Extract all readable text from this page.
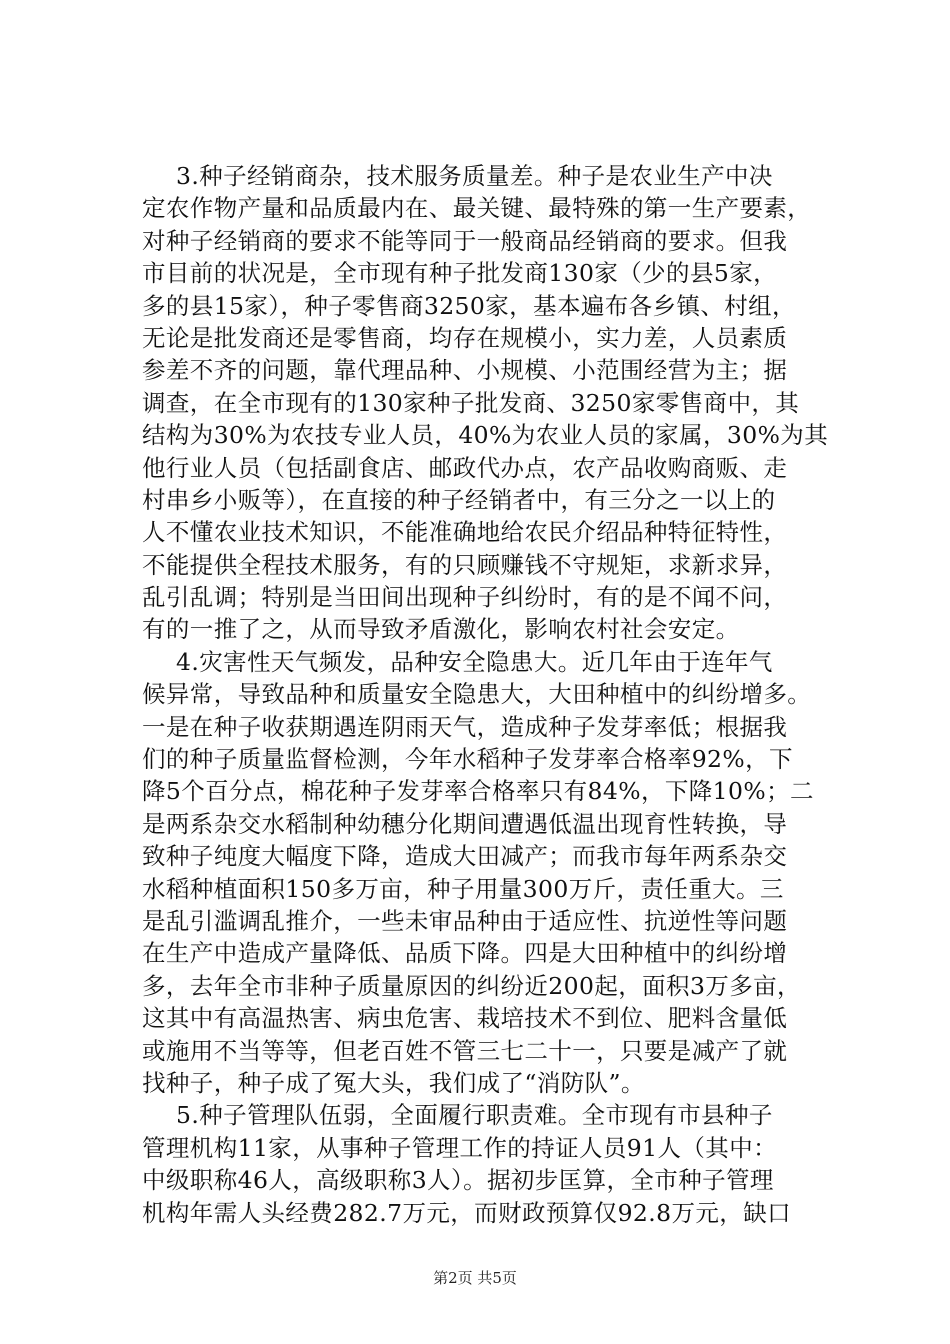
3.种子经销商杂，技术服务质量差。种子是农业生产中决
定农作物产量和品质最内在、最关键、最特殊的第一生产要素，
对种子经销商的要求不能等同于一般商品经销商的要求。但我
市目前的状况是，全市现有种子批发商130家（少的县5家，
多的县15家），种子零售商3250家，基本遍布各乡镇、村组，
无论是批发商还是零售商，均存在规模小，实力差，人员素质
参差不齐的问题，靠代理品种、小规模、小范围经营为主；据
调查，在全市现有的130家种子批发商、3250家零售商中，其
结构为30%为农技专业人员，40%为农业人员的家属，30%为其
他行业人员（包括副食店、邮政代办点，农产品收购商贩、走
村串乡小贩等），在直接的种子经销者中，有三分之一以上的
人不懂农业技术知识，不能准确地给农民介绍品种特征特性，
不能提供全程技术服务，有的只顾赚钱不守规矩，求新求异，
乱引乱调；特别是当田间出现种子纠纷时，有的是不闻不问，
有的一推了之，从而导致矛盾激化，影响农村社会安定。
4.灾害性天气频发，品种安全隐患大。近几年由于连年气
候异常，导致品种和质量安全隐患大，大田种植中的纠纷增多。
一是在种子收获期遇连阴雨天气，造成种子发芽率低；根据我
们的种子质量监督检测，今年水稻种子发芽率合格率92%，下
降5个百分点，棉花种子发芽率合格率只有84%，下降10%；二
是两系杂交水稻制种幼穗分化期间遭遇低温出现育性转换，导
致种子纯度大幅度下降，造成大田减产；而我市每年两系杂交
水稻种植面积150多万亩，种子用量300万斤，责任重大。三
是乱引滥调乱推介，一些未审品种由于适应性、抗逆性等问题
在生产中造成产量降低、品质下降。四是大田种植中的纠纷增
多，去年全市非种子质量原因的纠纷近200起，面积3万多亩，
这其中有高温热害、病虫危害、栽培技术不到位、肥料含量低
或施用不当等等，但老百姓不管三七二十一，只要是减产了就
找种子，种子成了冤大头，我们成了“消防队”。
5.种子管理队伍弱，全面履行职责难。全市现有市县种子
管理机构11家，从事种子管理工作的持证人员91人（其中：
中级职称46人，高级职称3人）。据初步匡算，全市种子管理
机构年需人头经费282.7万元，而财政预算仅92.8万元，缺口
第2页 共5页
